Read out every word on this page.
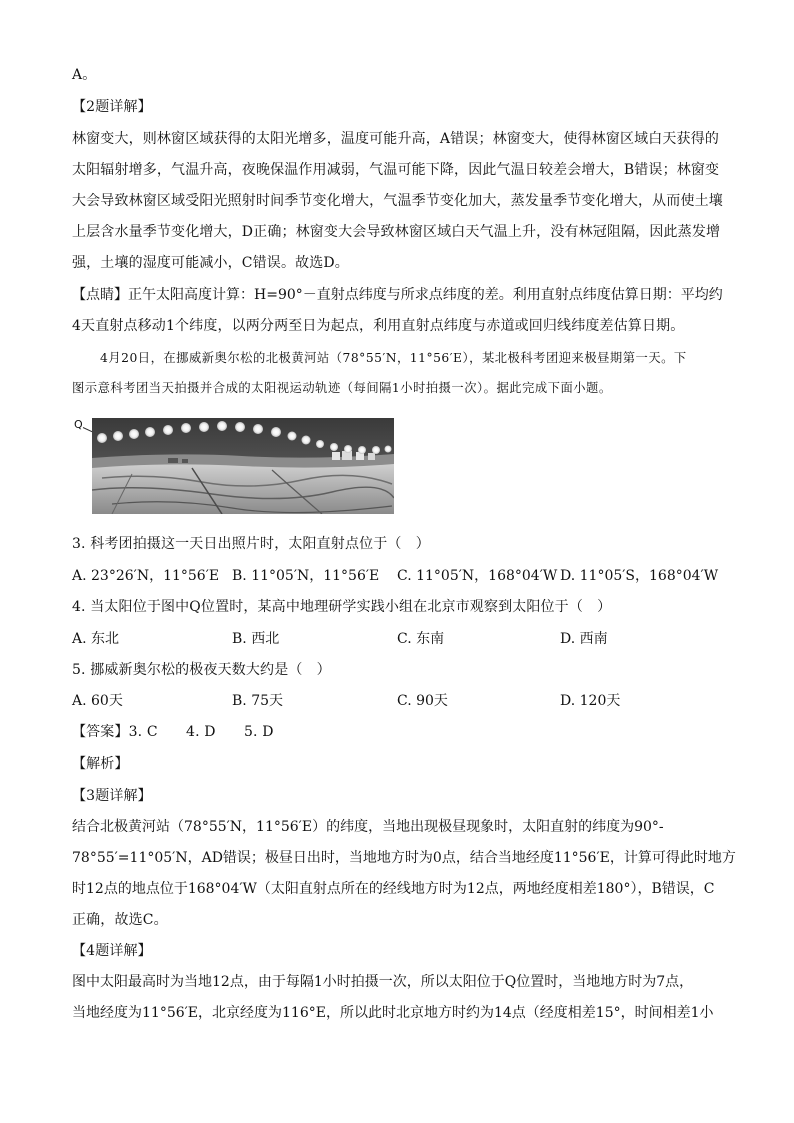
A。
【2题详解】
林窗变大，则林窗区域获得的太阳光增多，温度可能升高，A错误；林窗变大，使得林窗区域白天获得的
太阳辐射增多，气温升高，夜晚保温作用减弱，气温可能下降，因此气温日较差会增大，B错误；林窗变
大会导致林窗区域受阳光照射时间季节变化增大，气温季节变化加大，蒸发量季节变化增大，从而使土壤
上层含水量季节变化增大，D正确；林窗变大会导致林窗区域白天气温上升，没有林冠阻隔，因此蒸发增
强，土壤的湿度可能减小，C错误。故选D。
【点睛】正午太阳高度计算：H=90°－直射点纬度与所求点纬度的差。利用直射点纬度估算日期：平均约
4天直射点移动1个纬度，以两分两至日为起点，利用直射点纬度与赤道或回归线纬度差估算日期。
4月20日，在挪威新奥尔松的北极黄河站（78°55′N，11°56′E），某北极科考团迎来极昼期第一天。下
图示意科考团当天拍摄并合成的太阳视运动轨迹（每间隔1小时拍摄一次）。据此完成下面小题。
Q
3. 科考团拍摄这一天日出照片时，太阳直射点位于（　）
A. 23°26′N，11°56′E B. 11°05′N，11°56′E C. 11°05′N，168°04′W D. 11°05′S，168°04′W
4. 当太阳位于图中Q位置时，某高中地理研学实践小组在北京市观察到太阳位于（　）
A. 东北	B. 西北	C. 东南	D. 西南
5. 挪威新奥尔松的极夜天数大约是（　）
A. 60天	B. 75天	C. 90天	D. 120天
【答案】3. C　　4. D　　5. D
【解析】
【3题详解】
结合北极黄河站（78°55′N，11°56′E）的纬度，当地出现极昼现象时，太阳直射的纬度为90°-
78°55′=11°05′N，AD错误；极昼日出时，当地地方时为0点，结合当地经度11°56′E，计算可得此时地方
时12点的地点位于168°04′W（太阳直射点所在的经线地方时为12点，两地经度相差180°），B错误，C
正确，故选C。
【4题详解】
图中太阳最高时为当地12点，由于每隔1小时拍摄一次，所以太阳位于Q位置时，当地地方时为7点，
当地经度为11°56′E，北京经度为116°E，所以此时北京地方时约为14点（经度相差15°，时间相差1小
